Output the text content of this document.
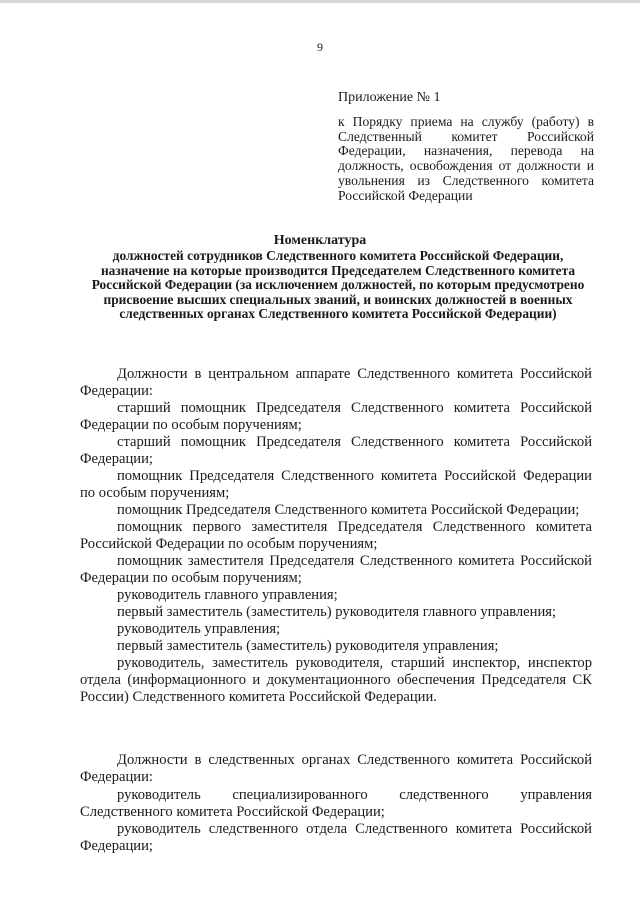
9
Приложение № 1
к Порядку приема на службу (работу) в Следственный комитет Российской Федерации, назначения, перевода на должность, освобождения от должности и увольнения из Следственного комитета Российской Федерации
Номенклатура
должностей сотрудников Следственного комитета Российской Федерации, назначение на которые производится Председателем Следственного комитета Российской Федерации (за исключением должностей, по которым предусмотрено присвоение высших специальных званий, и воинских должностей в военных следственных органах Следственного комитета Российской Федерации)

Должности в центральном аппарате Следственного комитета Российской Федерации:

старший помощник Председателя Следственного комитета Российской Федерации по особым поручениям;

старший помощник Председателя Следственного комитета Российской Федерации;

помощник Председателя Следственного комитета Российской Федерации по особым поручениям;

помощник Председателя Следственного комитета Российской Федерации;

помощник первого заместителя Председателя Следственного комитета Российской Федерации по особым поручениям;

помощник заместителя Председателя Следственного комитета Российской Федерации по особым поручениям;

руководитель главного управления;

первый заместитель (заместитель) руководителя главного управления;

руководитель управления;

первый заместитель (заместитель) руководителя управления;

руководитель, заместитель руководителя, старший инспектор, инспектор отдела (информационного и документационного обеспечения Председателя СК России) Следственного комитета Российской Федерации.

Должности в следственных органах Следственного комитета Российской Федерации:

руководитель специализированного следственного управления Следственного комитета Российской Федерации;

руководитель следственного отдела Следственного комитета Российской Федерации;
